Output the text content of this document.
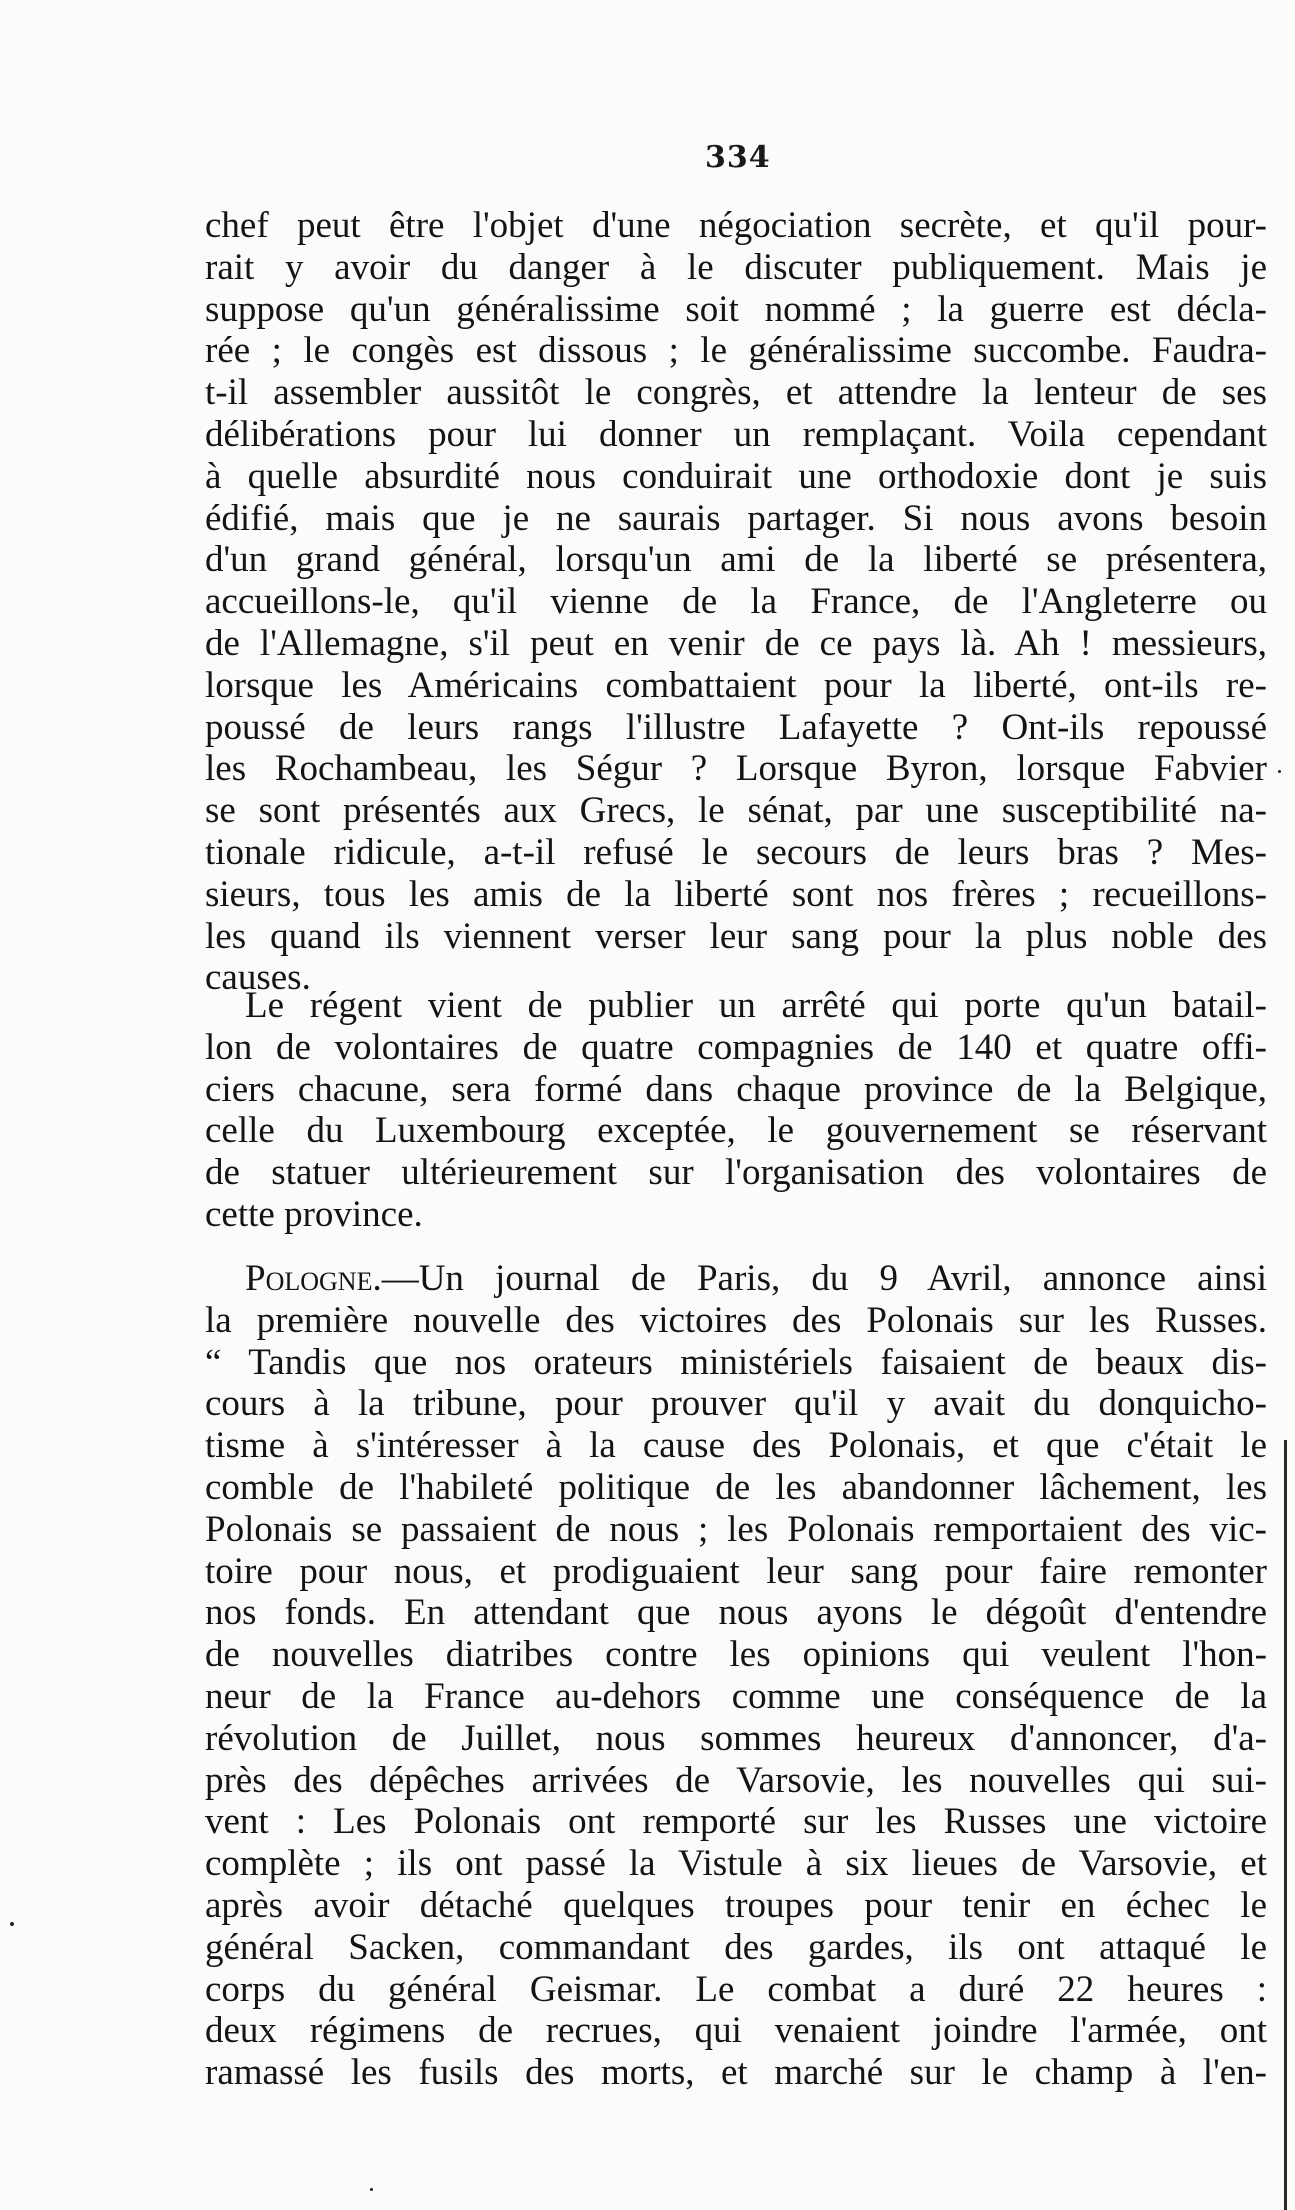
334
chef peut être l'objet d'une négociation secrète, et qu'il pour-
rait y avoir du danger à le discuter publiquement. Mais je
suppose qu'un généralissime soit nommé ; la guerre est décla-
rée ; le congès est dissous ; le généralissime succombe. Faudra-
t-il assembler aussitôt le congrès, et attendre la lenteur de ses
délibérations pour lui donner un remplaçant. Voila cependant
à quelle absurdité nous conduirait une orthodoxie dont je suis
édifié, mais que je ne saurais partager. Si nous avons besoin
d'un grand général, lorsqu'un ami de la liberté se présentera,
accueillons-le, qu'il vienne de la France, de l'Angleterre ou
de l'Allemagne, s'il peut en venir de ce pays là. Ah ! messieurs,
lorsque les Américains combattaient pour la liberté, ont-ils re-
poussé de leurs rangs l'illustre Lafayette ? Ont-ils repoussé
les Rochambeau, les Ségur ? Lorsque Byron, lorsque Fabvier
se sont présentés aux Grecs, le sénat, par une susceptibilité na-
tionale ridicule, a-t-il refusé le secours de leurs bras ? Mes-
sieurs, tous les amis de la liberté sont nos frères ; recueillons-
les quand ils viennent verser leur sang pour la plus noble des
causes.
Le régent vient de publier un arrêté qui porte qu'un batail-
lon de volontaires de quatre compagnies de 140 et quatre offi-
ciers chacune, sera formé dans chaque province de la Belgique,
celle du Luxembourg exceptée, le gouvernement se réservant
de statuer ultérieurement sur l'organisation des volontaires de
cette province.
Pologne.—Un journal de Paris, du 9 Avril, annonce ainsi
la première nouvelle des victoires des Polonais sur les Russes.
“ Tandis que nos orateurs ministériels faisaient de beaux dis-
cours à la tribune, pour prouver qu'il y avait du donquicho-
tisme à s'intéresser à la cause des Polonais, et que c'était le
comble de l'habileté politique de les abandonner lâchement, les
Polonais se passaient de nous ; les Polonais remportaient des vic-
toire pour nous, et prodiguaient leur sang pour faire remonter
nos fonds. En attendant que nous ayons le dégoût d'entendre
de nouvelles diatribes contre les opinions qui veulent l'hon-
neur de la France au-dehors comme une conséquence de la
révolution de Juillet, nous sommes heureux d'annoncer, d'a-
près des dépêches arrivées de Varsovie, les nouvelles qui sui-
vent : Les Polonais ont remporté sur les Russes une victoire
complète ; ils ont passé la Vistule à six lieues de Varsovie, et
après avoir détaché quelques troupes pour tenir en échec le
général Sacken, commandant des gardes, ils ont attaqué le
corps du général Geismar. Le combat a duré 22 heures :
deux régimens de recrues, qui venaient joindre l'armée, ont
ramassé les fusils des morts, et marché sur le champ à l'en-
